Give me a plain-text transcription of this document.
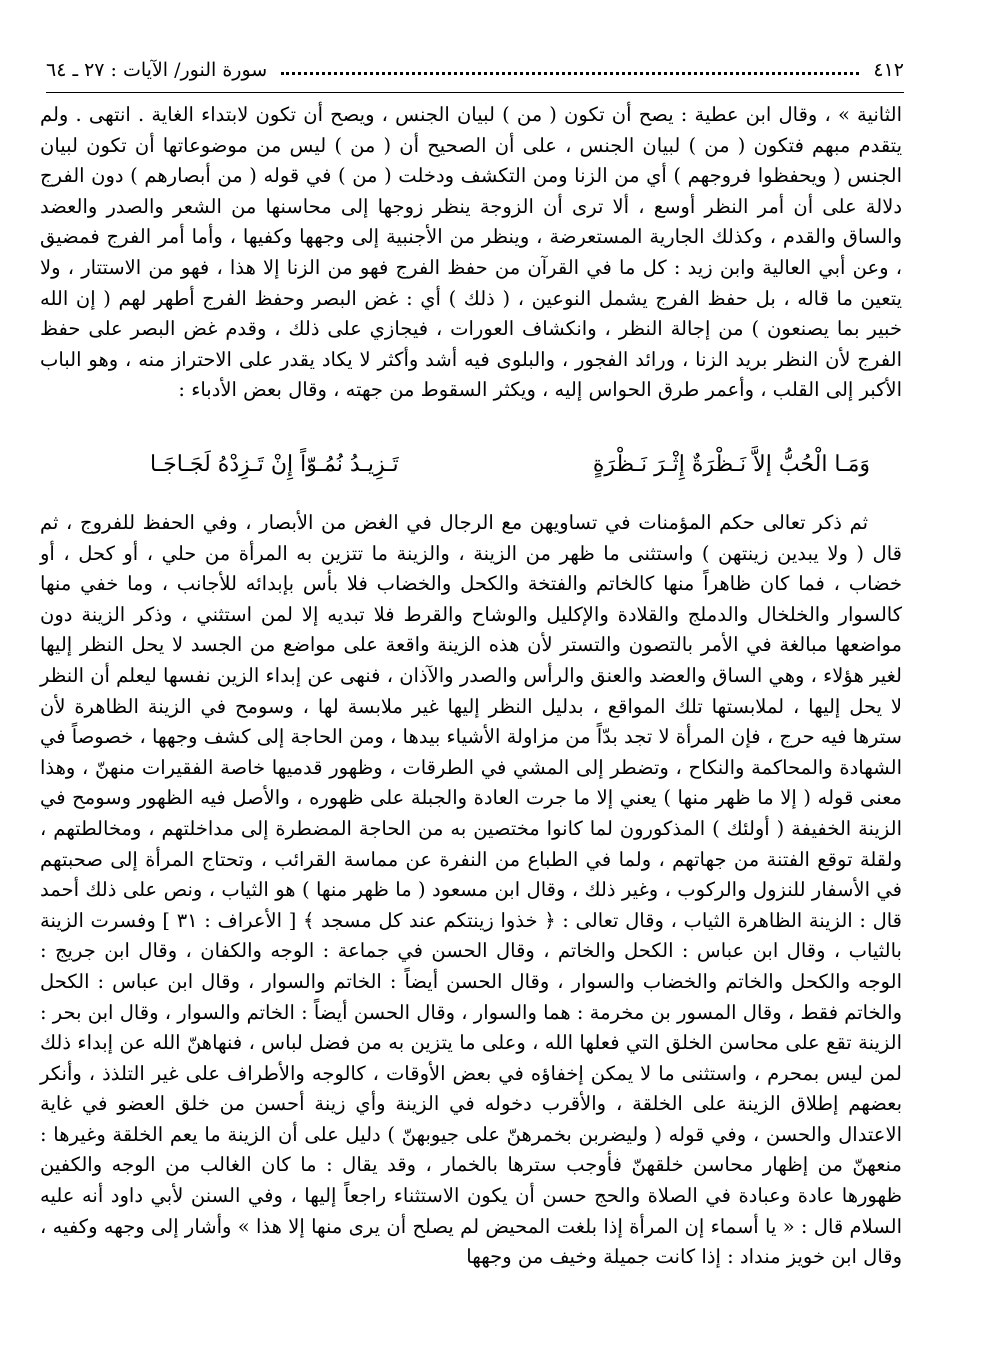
٤١٢
سورة النور/ الآيات : ٢٧ ـ ٦٤

الثانية » ، وقال ابن عطية : يصح أن تكون ( من ) لبيان الجنس ، ويصح أن تكون لابتداء الغاية . انتهى . ولم يتقدم مبهم فتكون ( من ) لبيان الجنس ، على أن الصحيح أن ( من ) ليس من موضوعاتها أن تكون لبيان الجنس ( ويحفظوا فروجهم ) أي من الزنا ومن التكشف ودخلت ( من ) في قوله ( من أبصارهم ) دون الفرج دلالة على أن أمر النظر أوسع ، ألا ترى أن الزوجة ينظر زوجها إلى محاسنها من الشعر والصدر والعضد والساق والقدم ، وكذلك الجارية المستعرضة ، وينظر من الأجنبية إلى وجهها وكفيها ، وأما أمر الفرج فمضيق ، وعن أبي العالية وابن زيد : كل ما في القرآن من حفظ الفرج فهو من الزنا إلا هذا ، فهو من الاستتار ، ولا يتعين ما قاله ، بل حفظ الفرج يشمل النوعين ، ( ذلك ) أي : غض البصر وحفظ الفرج أطهر لهم ( إن الله خبير بما يصنعون ) من إجالة النظر ، وانكشاف العورات ، فيجازي على ذلك ، وقدم غض البصر على حفظ الفرج لأن النظر بريد الزنا ، ورائد الفجور ، والبلوى فيه أشد وأكثر لا يكاد يقدر على الاحتراز منه ، وهو الباب الأكبر إلى القلب ، وأعمر طرق الحواس إليه ، ويكثر السقوط من جهته ، وقال بعض الأدباء :

وَمَـا الْحُبُّ إلاَّ نَـظْرَةٌ إِثْـرَ نَـظْرَةٍ
تَـزِيـدُ نُمُـوّاً إِنْ تَـزِدْهُ لَجَـاجَـا

ثم ذكر تعالى حكم المؤمنات في تساويهن مع الرجال في الغض من الأبصار ، وفي الحفظ للفروج ، ثم قال ( ولا يبدين زينتهن ) واستثنى ما ظهر من الزينة ، والزينة ما تتزين به المرأة من حلي ، أو كحل ، أو خضاب ، فما كان ظاهراً منها كالخاتم والفتخة والكحل والخضاب فلا بأس بإبدائه للأجانب ، وما خفي منها كالسوار والخلخال والدملج والقلادة والإكليل والوشاح والقرط فلا تبديه إلا لمن استثني ، وذكر الزينة دون مواضعها مبالغة في الأمر بالتصون والتستر لأن هذه الزينة واقعة على مواضع من الجسد لا يحل النظر إليها لغير هؤلاء ، وهي الساق والعضد والعنق والرأس والصدر والآذان ، فنهى عن إبداء الزين نفسها ليعلم أن النظر لا يحل إليها ، لملابستها تلك المواقع ، بدليل النظر إليها غير ملابسة لها ، وسومح في الزينة الظاهرة لأن سترها فيه حرج ، فإن المرأة لا تجد بدّاً من مزاولة الأشياء بيدها ، ومن الحاجة إلى كشف وجهها ، خصوصاً في الشهادة والمحاكمة والنكاح ، وتضطر إلى المشي في الطرقات ، وظهور قدميها خاصة الفقيرات منهنّ ، وهذا معنى قوله ( إلا ما ظهر منها ) يعني إلا ما جرت العادة والجبلة على ظهوره ، والأصل فيه الظهور وسومح في الزينة الخفيفة ( أولئك ) المذكورون لما كانوا مختصين به من الحاجة المضطرة إلى مداخلتهم ، ومخالطتهم ، ولقلة توقع الفتنة من جهاتهم ، ولما في الطباع من النفرة عن مماسة القرائب ، وتحتاج المرأة إلى صحبتهم في الأسفار للنزول والركوب ، وغير ذلك ، وقال ابن مسعود ( ما ظهر منها ) هو الثياب ، ونص على ذلك أحمد قال : الزينة الظاهرة الثياب ، وقال تعالى : ﴿ خذوا زينتكم عند كل مسجد ﴾ [ الأعراف : ٣١ ] وفسرت الزينة بالثياب ، وقال ابن عباس : الكحل والخاتم ، وقال الحسن في جماعة : الوجه والكفان ، وقال ابن جريج : الوجه والكحل والخاتم والخضاب والسوار ، وقال الحسن أيضاً : الخاتم والسوار ، وقال ابن عباس : الكحل والخاتم فقط ، وقال المسور بن مخرمة : هما والسوار ، وقال الحسن أيضاً : الخاتم والسوار ، وقال ابن بحر : الزينة تقع على محاسن الخلق التي فعلها الله ، وعلى ما يتزين به من فضل لباس ، فنهاهنّ الله عن إبداء ذلك لمن ليس بمحرم ، واستثنى ما لا يمكن إخفاؤه في بعض الأوقات ، كالوجه والأطراف على غير التلذذ ، وأنكر بعضهم إطلاق الزينة على الخلقة ، والأقرب دخوله في الزينة وأي زينة أحسن من خلق العضو في غاية الاعتدال والحسن ، وفي قوله ( وليضربن بخمرهنّ على جيوبهنّ ) دليل على أن الزينة ما يعم الخلقة وغيرها : منعهنّ من إظهار محاسن خلقهنّ فأوجب سترها بالخمار ، وقد يقال : ما كان الغالب من الوجه والكفين ظهورها عادة وعبادة في الصلاة والحج حسن أن يكون الاستثناء راجعاً إليها ، وفي السنن لأبي داود أنه عليه السلام قال : « يا أسماء إن المرأة إذا بلغت المحيض لم يصلح أن يرى منها إلا هذا » وأشار إلى وجهه وكفيه ، وقال ابن خويز منداد : إذا كانت جميلة وخيف من وجهها
